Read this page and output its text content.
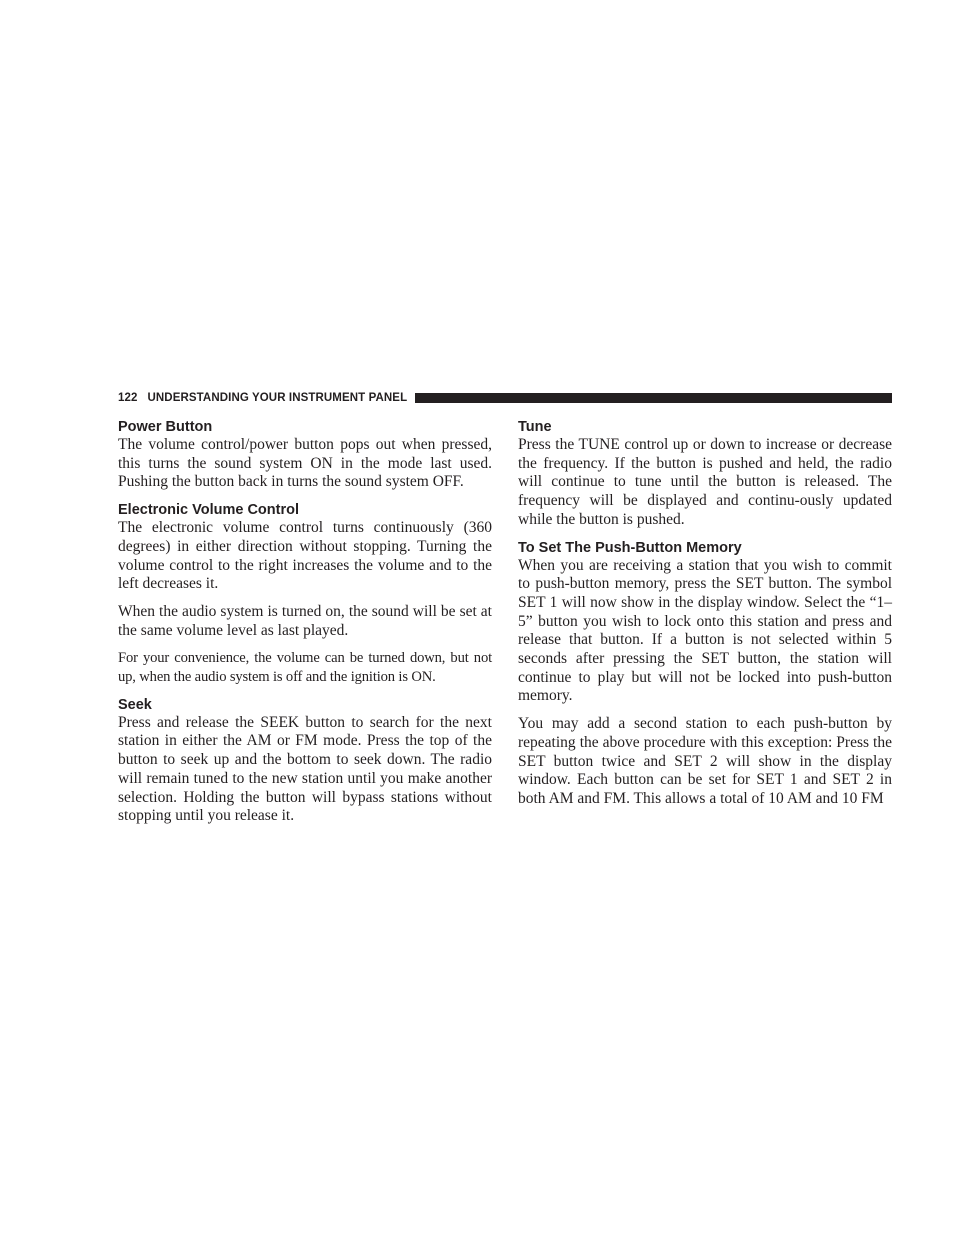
122 UNDERSTANDING YOUR INSTRUMENT PANEL
Power Button

The volume control/power button pops out when pressed, this turns the sound system ON in the mode last used. Pushing the button back in turns the sound system OFF.

Electronic Volume Control

The electronic volume control turns continuously (360 degrees) in either direction without stopping. Turning the volume control to the right increases the volume and to the left decreases it.

When the audio system is turned on, the sound will be set at the same volume level as last played.

For your convenience, the volume can be turned down, but not up, when the audio system is off and the ignition is ON.

Seek

Press and release the SEEK button to search for the next station in either the AM or FM mode. Press the top of the button to seek up and the bottom to seek down. The radio will remain tuned to the new station until you make another selection. Holding the button will bypass stations without stopping until you release it.

Tune

Press the TUNE control up or down to increase or decrease the frequency. If the button is pushed and held, the radio will continue to tune until the button is released. The frequency will be displayed and continu-ously updated while the button is pushed.

To Set The Push-Button Memory

When you are receiving a station that you wish to commit to push-button memory, press the SET button. The symbol SET 1 will now show in the display window. Select the “1–5” button you wish to lock onto this station and press and release that button. If a button is not selected within 5 seconds after pressing the SET button, the station will continue to play but will not be locked into push-button memory.

You may add a second station to each push-button by repeating the above procedure with this exception: Press the SET button twice and SET 2 will show in the display window. Each button can be set for SET 1 and SET 2 in both AM and FM. This allows a total of 10 AM and 10 FM
